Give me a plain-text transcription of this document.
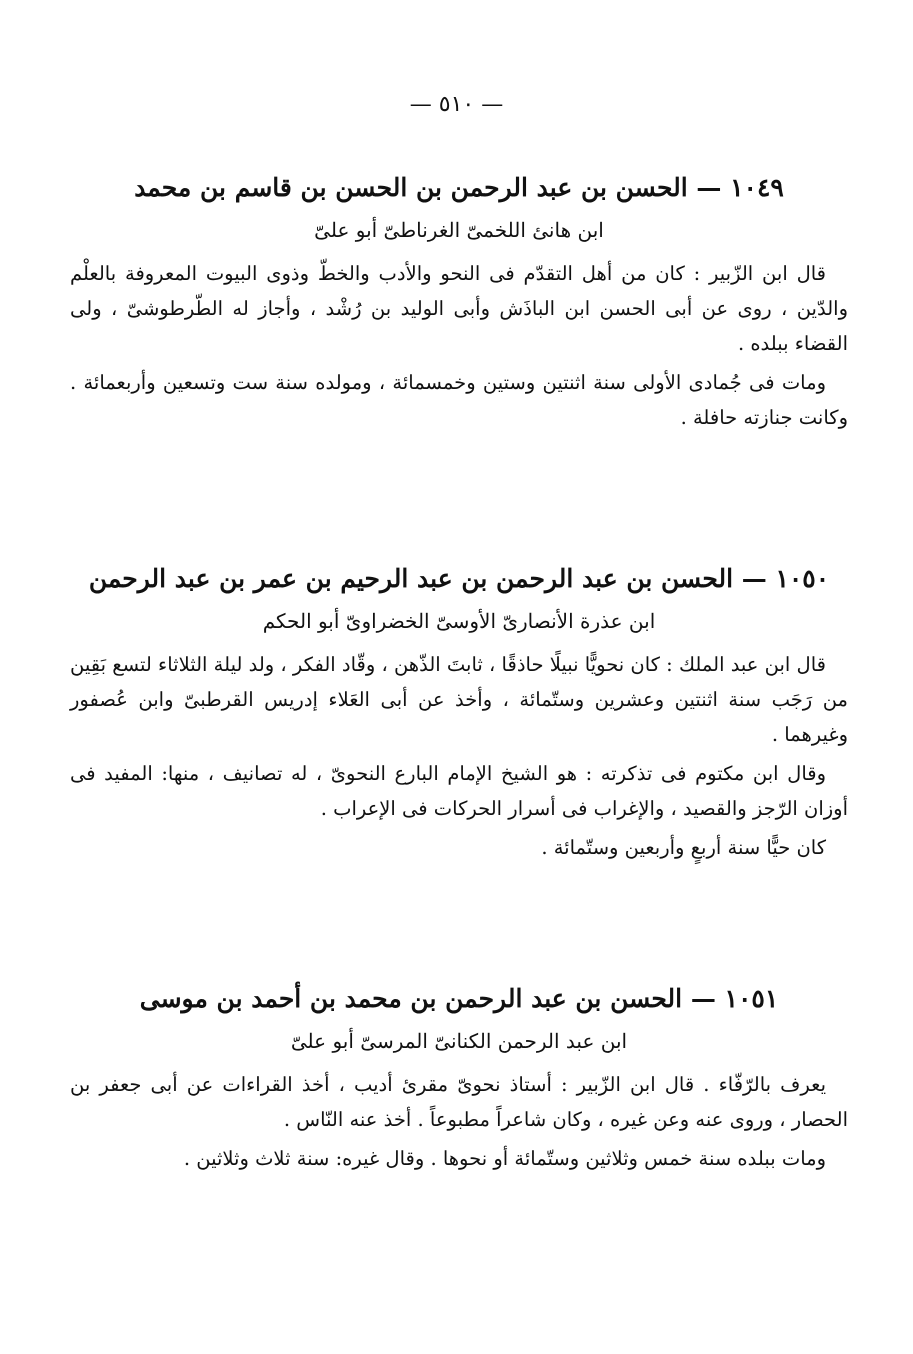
— ٥١٠ —
١٠٤٩ — الحسن بن عبد الرحمن بن الحسن بن قاسم بن محمد
ابن هانئ اللخمىّ الغرناطىّ أبو علىّ

قال ابن الزّبير : كان من أهل التقدّم فى النحو والأدب والخطّ وذوى البيوت المعروفة بالعلْم والدّين ، روى عن أبى الحسن ابن الباذَش وأبى الوليد بن رُشْد ، وأجاز له الطّرطوشىّ ، ولى القضاء ببلده .

ومات فى جُمادى الأولى سنة اثنتين وستين وخمسمائة ، ومولده سنة ست وتسعين وأربعمائة . وكانت جنازته حافلة .

١٠٥٠ — الحسن بن عبد الرحمن بن عبد الرحيم بن عمر بن عبد الرحمن
ابن عذرة الأنصارىّ الأوسىّ الخضراوىّ أبو الحكم

قال ابن عبد الملك : كان نحويًّا نبيلًا حاذقًا ، ثابتَ الذّهن ، وقّاد الفكر ، ولد ليلة الثلاثاء لتسع بَقِين من رَجَب سنة اثنتين وعشرين وستّمائة ، وأخذ عن أبى العَلاء إدريس القرطبىّ وابن عُصفور وغيرهما .

وقال ابن مكتوم فى تذكرته : هو الشيخ الإمام البارع النحوىّ ، له تصانيف ، منها: المفيد فى أوزان الرّجز والقصيد ، والإغراب فى أسرار الحركات فى الإعراب .

كان حيًّا سنة أربعٍ وأربعين وستّمائة .

١٠٥١ — الحسن بن عبد الرحمن بن محمد بن أحمد بن موسى
ابن عبد الرحمن الكنانىّ المرسىّ أبو علىّ

يعرف بالرّفّاء . قال ابن الزّبير : أستاذ نحوىّ مقرئ أديب ، أخذ القراءات عن أبى جعفر بن الحصار ، وروى عنه وعن غيره ، وكان شاعراً مطبوعاً . أخذ عنه النّاس .

ومات ببلده سنة خمس وثلاثين وستّمائة أو نحوها . وقال غيره: سنة ثلاث وثلاثين .
